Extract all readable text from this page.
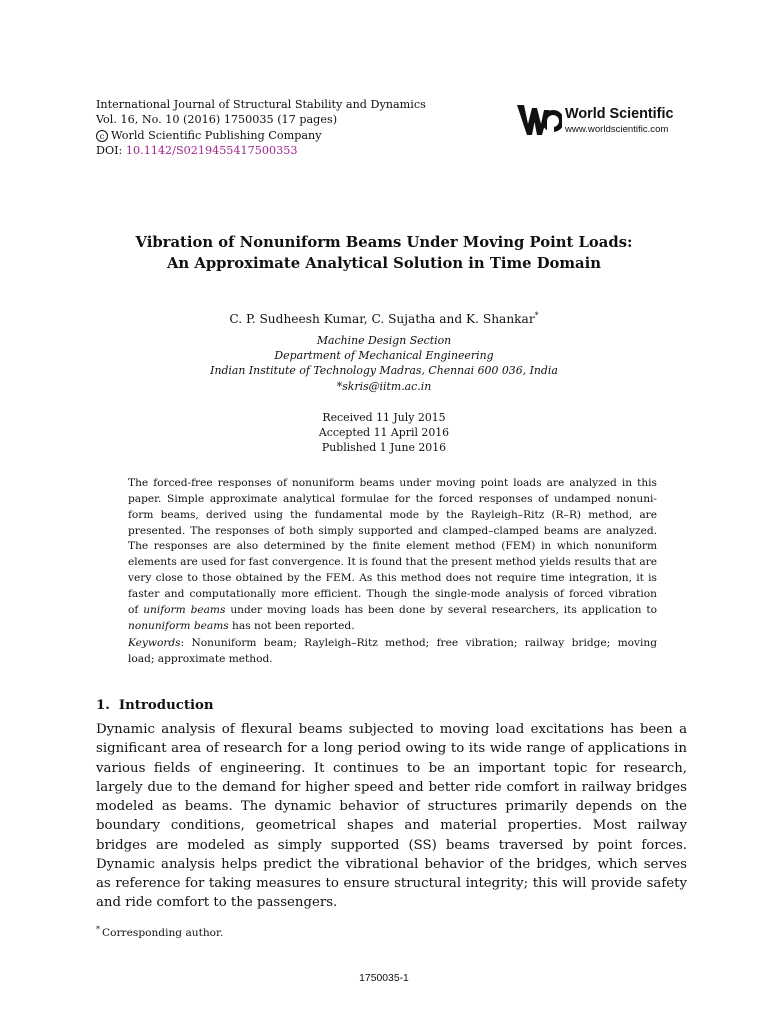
International Journal of Structural Stability and Dynamics
Vol. 16, No. 10 (2016) 1750035 (17 pages)
c World Scientific Publishing Company
DOI: 10.1142/S0219455417500353
World Scientific
www.worldscientific.com
Vibration of Nonuniform Beams Under Moving Point Loads:
An Approximate Analytical Solution in Time Domain
C. P. Sudheesh Kumar, C. Sujatha and K. Shankar*
Machine Design Section
Department of Mechanical Engineering
Indian Institute of Technology Madras, Chennai 600 036, India
*skris@iitm.ac.in
Received 11 July 2015
Accepted 11 April 2016
Published 1 June 2016
The forced-free responses of nonuniform beams under moving point loads are analyzed in this
paper. Simple approximate analytical formulae for the forced responses of undamped nonuni-
form beams, derived using the fundamental mode by the Rayleigh–Ritz (R–R) method, are
presented. The responses of both simply supported and clamped–clamped beams are analyzed.
The responses are also determined by the finite element method (FEM) in which nonuniform
elements are used for fast convergence. It is found that the present method yields results that are
very close to those obtained by the FEM. As this method does not require time integration, it is
faster and computationally more efficient. Though the single-mode analysis of forced vibration
of uniform beams under moving loads has been done by several researchers, its application to
nonuniform beams has not been reported.
Keywords: Nonuniform beam; Rayleigh–Ritz method; free vibration; railway bridge; moving
load; approximate method.
1. Introduction
Dynamic analysis of flexural beams subjected to moving load excitations has been a
significant area of research for a long period owing to its wide range of applications in
various fields of engineering. It continues to be an important topic for research,
largely due to the demand for higher speed and better ride comfort in railway bridges
modeled as beams. The dynamic behavior of structures primarily depends on the
boundary conditions, geometrical shapes and material properties. Most railway
bridges are modeled as simply supported (SS) beams traversed by point forces.
Dynamic analysis helps predict the vibrational behavior of the bridges, which serves
as reference for taking measures to ensure structural integrity; this will provide safety
and ride comfort to the passengers.
* Corresponding author.
1750035-1
